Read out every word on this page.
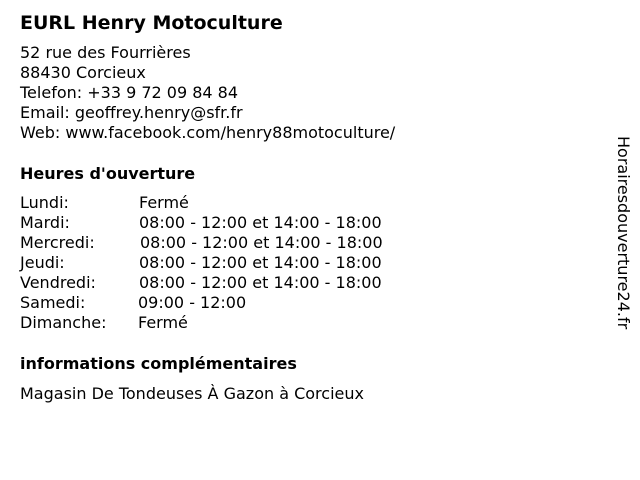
EURL Henry Motoculture
52 rue des Fourrières
88430 Corcieux
Telefon: +33 9 72 09 84 84
Email: geoffrey.henry@sfr.fr
Web: www.facebook.com/henry88motoculture/
Heures d'ouverture
Lundi:	Fermé
Mardi:	08:00 - 12:00 et 14:00 - 18:00
Mercredi:	08:00 - 12:00 et 14:00 - 18:00
Jeudi:	08:00 - 12:00 et 14:00 - 18:00
Vendredi:	08:00 - 12:00 et 14:00 - 18:00
Samedi:	09:00 - 12:00
Dimanche: Fermé
informations complémentaires
Magasin De Tondeuses À Gazon à Corcieux
Horairesdouverture24.fr
